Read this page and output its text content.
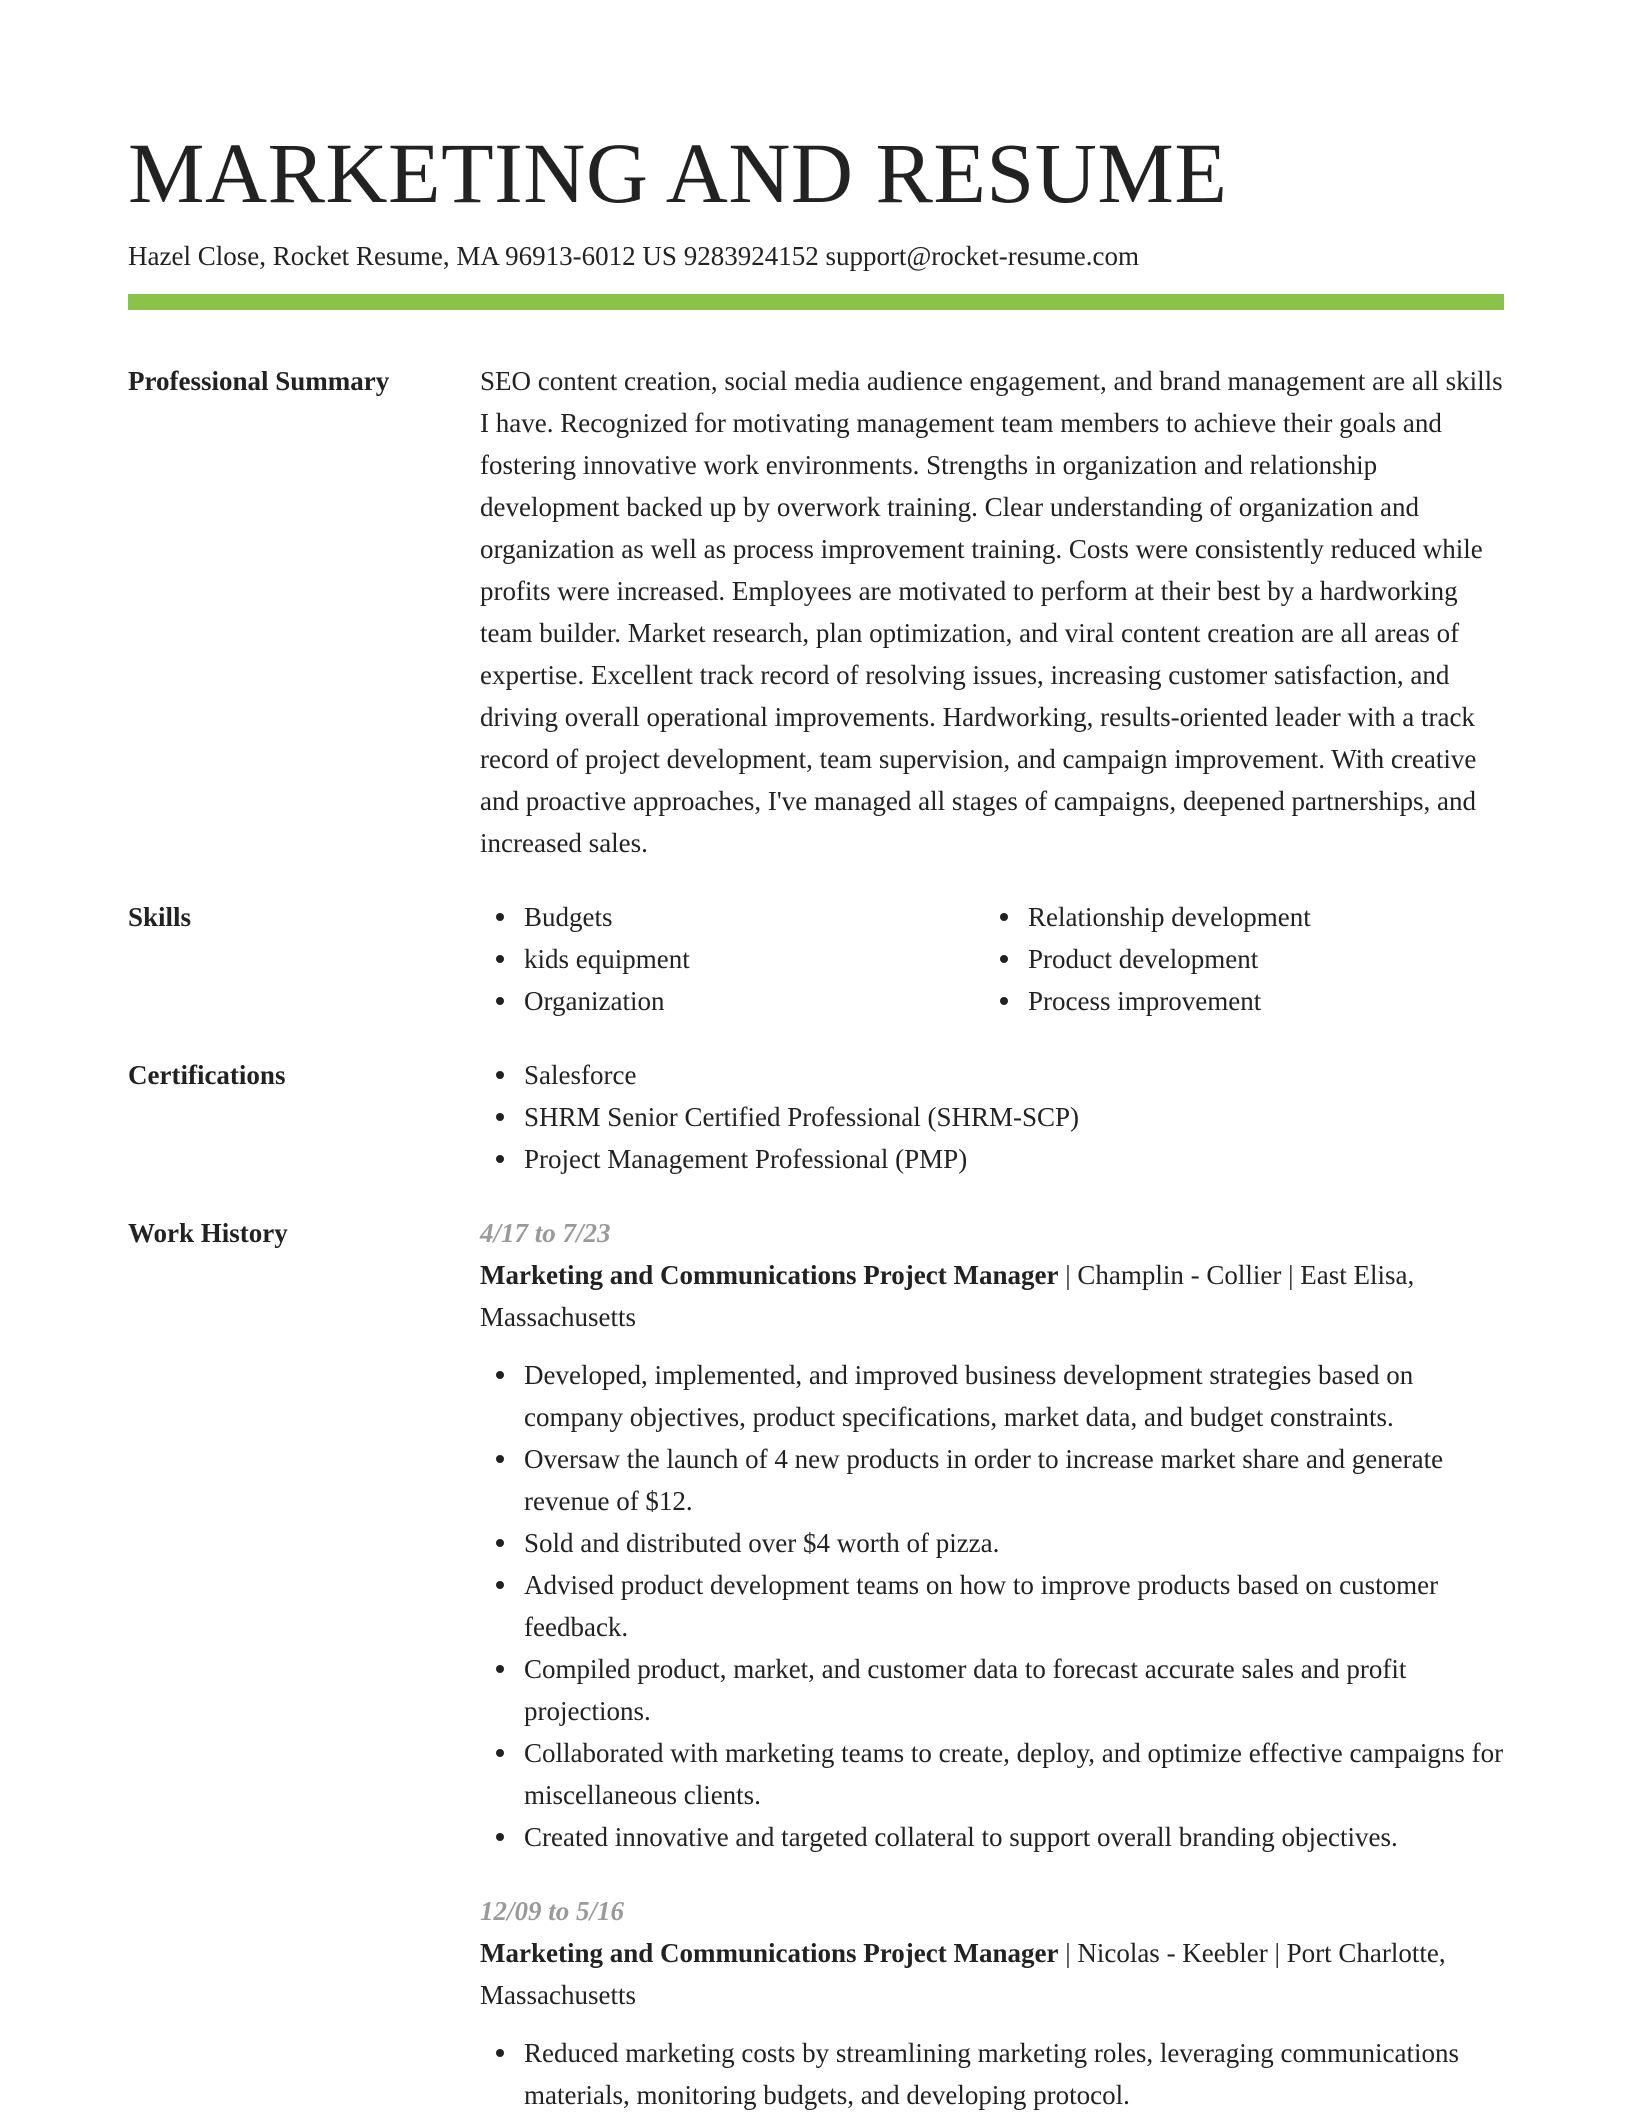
MARKETING AND RESUME
Hazel Close, Rocket Resume, MA 96913-6012 US 9283924152 support@rocket-resume.com
Professional Summary	SEO content creation, social media audience engagement, and brand management are all skills I have. Recognized for motivating management team members to achieve their goals and fostering innovative work environments. Strengths in organization and relationship development backed up by overwork training. Clear understanding of organization and organization as well as process improvement training. Costs were consistently reduced while profits were increased. Employees are motivated to perform at their best by a hardworking team builder. Market research, plan optimization, and viral content creation are all areas of expertise. Excellent track record of resolving issues, increasing customer satisfaction, and driving overall operational improvements. Hardworking, results-oriented leader with a track record of project development, team supervision, and campaign improvement. With creative and proactive approaches, I've managed all stages of campaigns, deepened partnerships, and increased sales.

Skills	Budgets
kids equipment
Organization
Relationship development
Product development
Process improvement
Certifications	Salesforce
SHRM Senior Certified Professional (SHRM-SCP)
Project Management Professional (PMP)
Work History	4/17 to 7/23
Marketing and Communications Project Manager | Champlin - Collier | East Elisa, Massachusetts
Developed, implemented, and improved business development strategies based on company objectives, product specifications, market data, and budget constraints.
Oversaw the launch of 4 new products in order to increase market share and generate revenue of $12.
Sold and distributed over $4 worth of pizza.
Advised product development teams on how to improve products based on customer feedback.
Compiled product, market, and customer data to forecast accurate sales and profit projections.
Collaborated with marketing teams to create, deploy, and optimize effective campaigns for miscellaneous clients.
Created innovative and targeted collateral to support overall branding objectives.
12/09 to 5/16
Marketing and Communications Project Manager | Nicolas - Keebler | Port Charlotte, Massachusetts
Reduced marketing costs by streamlining marketing roles, leveraging communications materials, monitoring budgets, and developing protocol.
